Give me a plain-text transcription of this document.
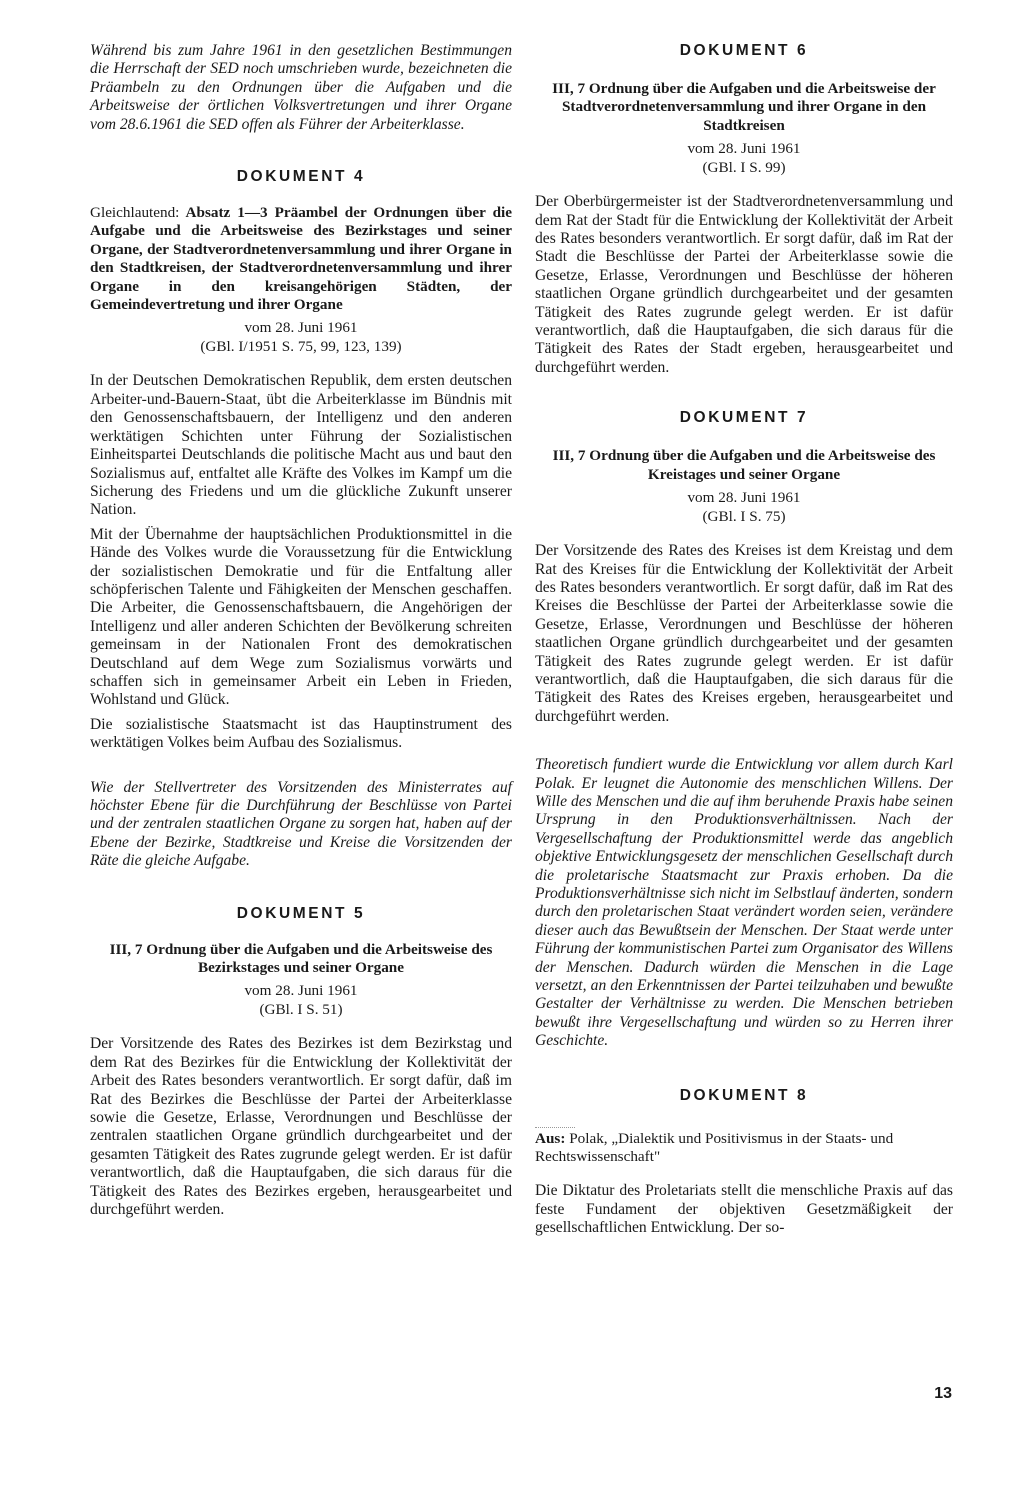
Während bis zum Jahre 1961 in den gesetzlichen Bestimmungen die Herrschaft der SED noch umschrieben wurde, bezeichneten die Präambeln zu den Ordnungen über die Aufgaben und die Arbeitsweise der örtlichen Volksvertretungen und ihrer Organe vom 28.6.1961 die SED offen als Führer der Arbeiterklasse.

DOKUMENT 4

Gleichlautend: Absatz 1—3 Präambel der Ordnungen über die Aufgabe und die Arbeitsweise des Bezirkstages und seiner Organe, der Stadtverordnetenversammlung und ihrer Organe in den Stadtkreisen, der Stadtverordnetenversammlung und ihrer Organe in den kreisangehörigen Städten, der Gemeindevertretung und ihrer Organe

vom 28. Juni 1961

(GBl. I/1951 S. 75, 99, 123, 139)

In der Deutschen Demokratischen Republik, dem ersten deutschen Arbeiter-und-Bauern-Staat, übt die Arbeiterklasse im Bündnis mit den Genossenschaftsbauern, der Intelligenz und den anderen werktätigen Schichten unter Führung der Sozialistischen Einheitspartei Deutschlands die politische Macht aus und baut den Sozialismus auf, entfaltet alle Kräfte des Volkes im Kampf um die Sicherung des Friedens und um die glückliche Zukunft unserer Nation.

Mit der Übernahme der hauptsächlichen Produktionsmittel in die Hände des Volkes wurde die Voraussetzung für die Entwicklung der sozialistischen Demokratie und für die Entfaltung aller schöpferischen Talente und Fähigkeiten der Menschen geschaffen. Die Arbeiter, die Genossenschaftsbauern, die Angehörigen der Intelligenz und aller anderen Schichten der Bevölkerung schreiten gemeinsam in der Nationalen Front des demokratischen Deutschland auf dem Wege zum Sozialismus vorwärts und schaffen sich in gemeinsamer Arbeit ein Leben in Frieden, Wohlstand und Glück.

Die sozialistische Staatsmacht ist das Hauptinstrument des werktätigen Volkes beim Aufbau des Sozialismus.

Wie der Stellvertreter des Vorsitzenden des Ministerrates auf höchster Ebene für die Durchführung der Beschlüsse von Partei und der zentralen staatlichen Organe zu sorgen hat, haben auf der Ebene der Bezirke, Stadtkreise und Kreise die Vorsitzenden der Räte die gleiche Aufgabe.

DOKUMENT 5

III, 7 Ordnung über die Aufgaben und die Arbeitsweise des Bezirkstages und seiner Organe

vom 28. Juni 1961

(GBl. I S. 51)

Der Vorsitzende des Rates des Bezirkes ist dem Bezirkstag und dem Rat des Bezirkes für die Entwicklung der Kollektivität der Arbeit des Rates besonders verantwortlich. Er sorgt dafür, daß im Rat des Bezirkes die Beschlüsse der Partei der Arbeiterklasse sowie die Gesetze, Erlasse, Verordnungen und Beschlüsse der zentralen staatlichen Organe gründlich durchgearbeitet und der gesamten Tätigkeit des Rates zugrunde gelegt werden. Er ist dafür verantwortlich, daß die Hauptaufgaben, die sich daraus für die Tätigkeit des Rates des Bezirkes ergeben, herausgearbeitet und durchgeführt werden.

DOKUMENT 6

III, 7 Ordnung über die Aufgaben und die Arbeitsweise der Stadtverordnetenversammlung und ihrer Organe in den Stadtkreisen

vom 28. Juni 1961

(GBl. I S. 99)

Der Oberbürgermeister ist der Stadtverordnetenversammlung und dem Rat der Stadt für die Entwicklung der Kollektivität der Arbeit des Rates besonders verantwortlich. Er sorgt dafür, daß im Rat der Stadt die Beschlüsse der Partei der Arbeiterklasse sowie die Gesetze, Erlasse, Verordnungen und Beschlüsse der höheren staatlichen Organe gründlich durchgearbeitet und der gesamten Tätigkeit des Rates zugrunde gelegt werden. Er ist dafür verantwortlich, daß die Hauptaufgaben, die sich daraus für die Tätigkeit des Rates der Stadt ergeben, herausgearbeitet und durchgeführt werden.

DOKUMENT 7

III, 7 Ordnung über die Aufgaben und die Arbeitsweise des Kreistages und seiner Organe

vom 28. Juni 1961

(GBl. I S. 75)

Der Vorsitzende des Rates des Kreises ist dem Kreistag und dem Rat des Kreises für die Entwicklung der Kollektivität der Arbeit des Rates besonders verantwortlich. Er sorgt dafür, daß im Rat des Kreises die Beschlüsse der Partei der Arbeiterklasse sowie die Gesetze, Erlasse, Verordnungen und Beschlüsse der höheren staatlichen Organe gründlich durchgearbeitet und der gesamten Tätigkeit des Rates zugrunde gelegt werden. Er ist dafür verantwortlich, daß die Hauptaufgaben, die sich daraus für die Tätigkeit des Rates des Kreises ergeben, herausgearbeitet und durchgeführt werden.

Theoretisch fundiert wurde die Entwicklung vor allem durch Karl Polak. Er leugnet die Autonomie des menschlichen Willens. Der Wille des Menschen und die auf ihm beruhende Praxis habe seinen Ursprung in den Produktionsverhältnissen. Nach der Vergesellschaftung der Produktionsmittel werde das angeblich objektive Entwicklungsgesetz der menschlichen Gesellschaft durch die proletarische Staatsmacht zur Praxis erhoben. Da die Produktionsverhältnisse sich nicht im Selbstlauf änderten, sondern durch den proletarischen Staat verändert worden seien, verändere dieser auch das Bewußtsein der Menschen. Der Staat werde unter Führung der kommunistischen Partei zum Organisator des Willens der Menschen. Dadurch würden die Menschen in die Lage versetzt, an den Erkenntnissen der Partei teilzuhaben und bewußte Gestalter der Verhältnisse zu werden. Die Menschen betrieben bewußt ihre Vergesellschaftung und würden so zu Herren ihrer Geschichte.

DOKUMENT 8

Aus: Polak, „Dialektik und Positivismus in der Staats- und Rechtswissenschaft"

Die Diktatur des Proletariats stellt die menschliche Praxis auf das feste Fundament der objektiven Gesetzmäßigkeit der gesellschaftlichen Entwicklung. Der so-

13
